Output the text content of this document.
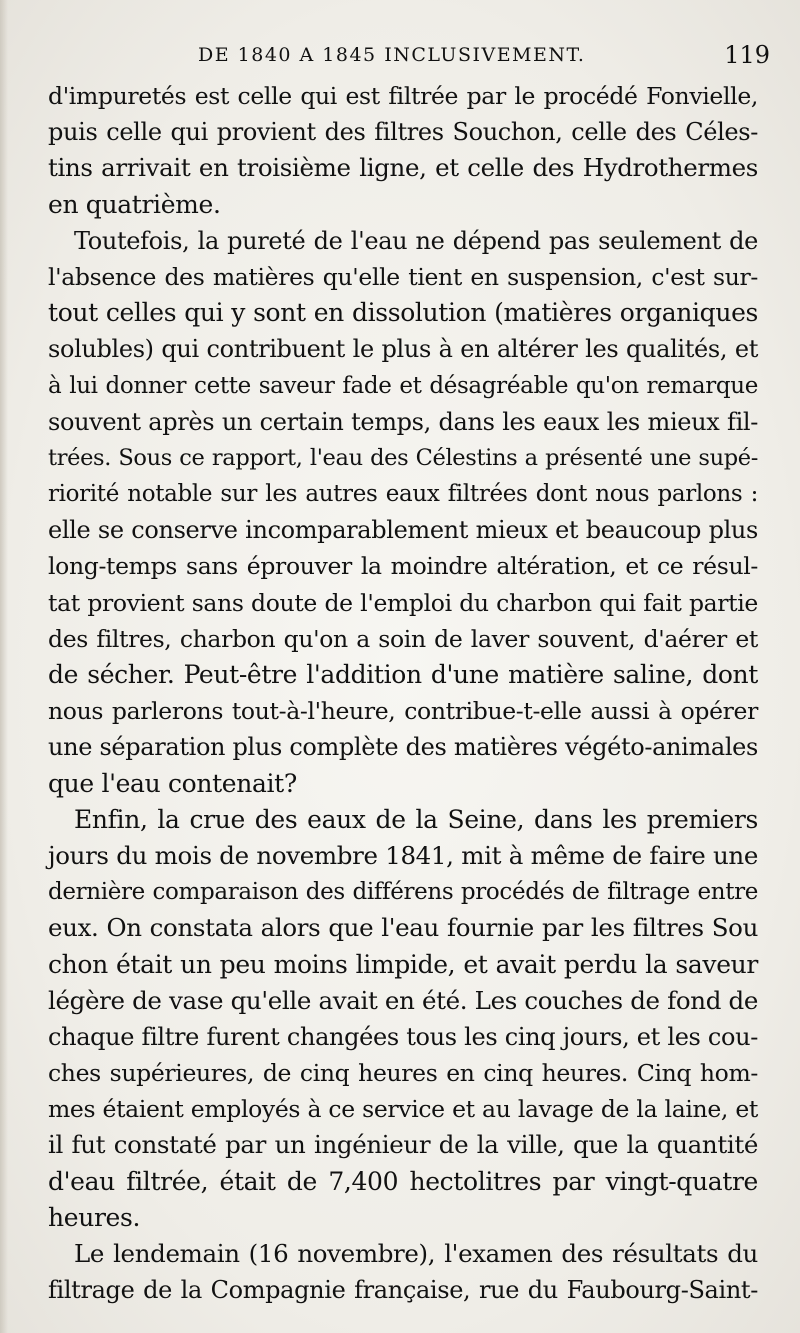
DE 1840 A 1845 INCLUSIVEMENT.	119
d'impuretés est celle qui est filtrée par le procédé Fonvielle,
puis celle qui provient des filtres Souchon, celle des Céles-
tins arrivait en troisième ligne, et celle des Hydrothermes
en quatrième.
Toutefois, la pureté de l'eau ne dépend pas seulement de
l'absence des matières qu'elle tient en suspension, c'est sur-
tout celles qui y sont en dissolution (matières organiques
solubles) qui contribuent le plus à en altérer les qualités, et
à lui donner cette saveur fade et désagréable qu'on remarque
souvent après un certain temps, dans les eaux les mieux fil-
trées. Sous ce rapport, l'eau des Célestins a présenté une supé-
riorité notable sur les autres eaux filtrées dont nous parlons :
elle se conserve incomparablement mieux et beaucoup plus
long-temps sans éprouver la moindre altération, et ce résul-
tat provient sans doute de l'emploi du charbon qui fait partie
des filtres, charbon qu'on a soin de laver souvent, d'aérer et
de sécher. Peut-être l'addition d'une matière saline, dont
nous parlerons tout-à-l'heure, contribue-t-elle aussi à opérer
une séparation plus complète des matières végéto-animales
que l'eau contenait?
Enfin, la crue des eaux de la Seine, dans les premiers
jours du mois de novembre 1841, mit à même de faire une
dernière comparaison des différens procédés de filtrage entre
eux. On constata alors que l'eau fournie par les filtres Sou
chon était un peu moins limpide, et avait perdu la saveur
légère de vase qu'elle avait en été. Les couches de fond de
chaque filtre furent changées tous les cinq jours, et les cou-
ches supérieures, de cinq heures en cinq heures. Cinq hom-
mes étaient employés à ce service et au lavage de la laine, et
il fut constaté par un ingénieur de la ville, que la quantité
d'eau filtrée, était de 7,400 hectolitres par vingt-quatre
heures.
Le lendemain (16 novembre), l'examen des résultats du
filtrage de la Compagnie française, rue du Faubourg-Saint-
